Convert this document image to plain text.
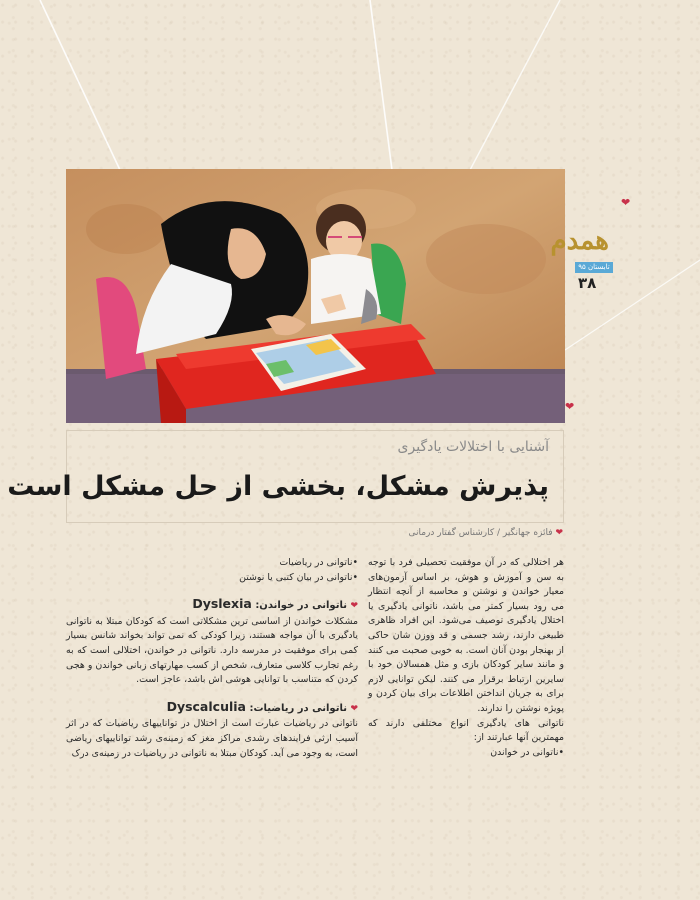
همدم
تابستان ۹۵
۳۸
❤
❤
آشنایی با اختلالات یادگیری
پذیرش مشکل، بخشی از حل مشکل است
❤ فائزه جهانگیر / کارشناس گفتار درمانی

هر اختلالی که در آن موفقیت تحصیلی فرد با توجه به سن و آموزش و هوش، بر اساس آزمون‌های معیار خواندن و نوشتن و محاسبه از آنچه انتظار می رود بسیار کمتر می باشد، ناتوانی یادگیری یا اختلال یادگیری توصیف می‌شود. این افراد ظاهری طبیعی دارند، رشد جسمی و قد ووزن شان حاکی از بهنجار بودن آنان است. به خوبی صحبت می کنند و مانند سایر کودکان بازی و مثل همسالان خود با سایرین ارتباط برقرار می کنند. لیکن توانایی لازم برای به جریان انداختن اطلاعات برای بیان کردن و پویژه نوشتن را ندارند.

ناتوانی های یادگیری انواع مختلفی دارند که مهمترین آنها عبارتند از:

•ناتوانی در خواندن

•ناتوانی در ریاضیات

•ناتوانی در بیان کتبی یا نوشتن

❤ ناتوانی در خواندن: Dyslexia

مشکلات خواندن از اساسی ترین مشکلاتی است که کودکان مبتلا به ناتوانی یادگیری با آن مواجه هستند، زیرا کودکی که نمی تواند بخواند شانس بسیار کمی برای موفقیت در مدرسه دارد. ناتوانی در خواندن، اختلالی است که به رغم تجارب کلاسی متعارف، شخص از کسب مهارتهای زبانی خواندن و هجی کردن که متناسب با توانایی هوشی اش باشد، عاجز است.

❤ ناتوانی در ریاضیات: Dyscalculia

ناتوانی در ریاضیات عبارت است از اختلال در تواناییهای ریاضیات که در اثر آسیب ارثی فرایندهای رشدی مراکز مغز که زمینه‌ی رشد تواناییهای ریاضی است، به وجود می آید. کودکان مبتلا به ناتوانی در ریاضیات در زمینه‌ی درک
